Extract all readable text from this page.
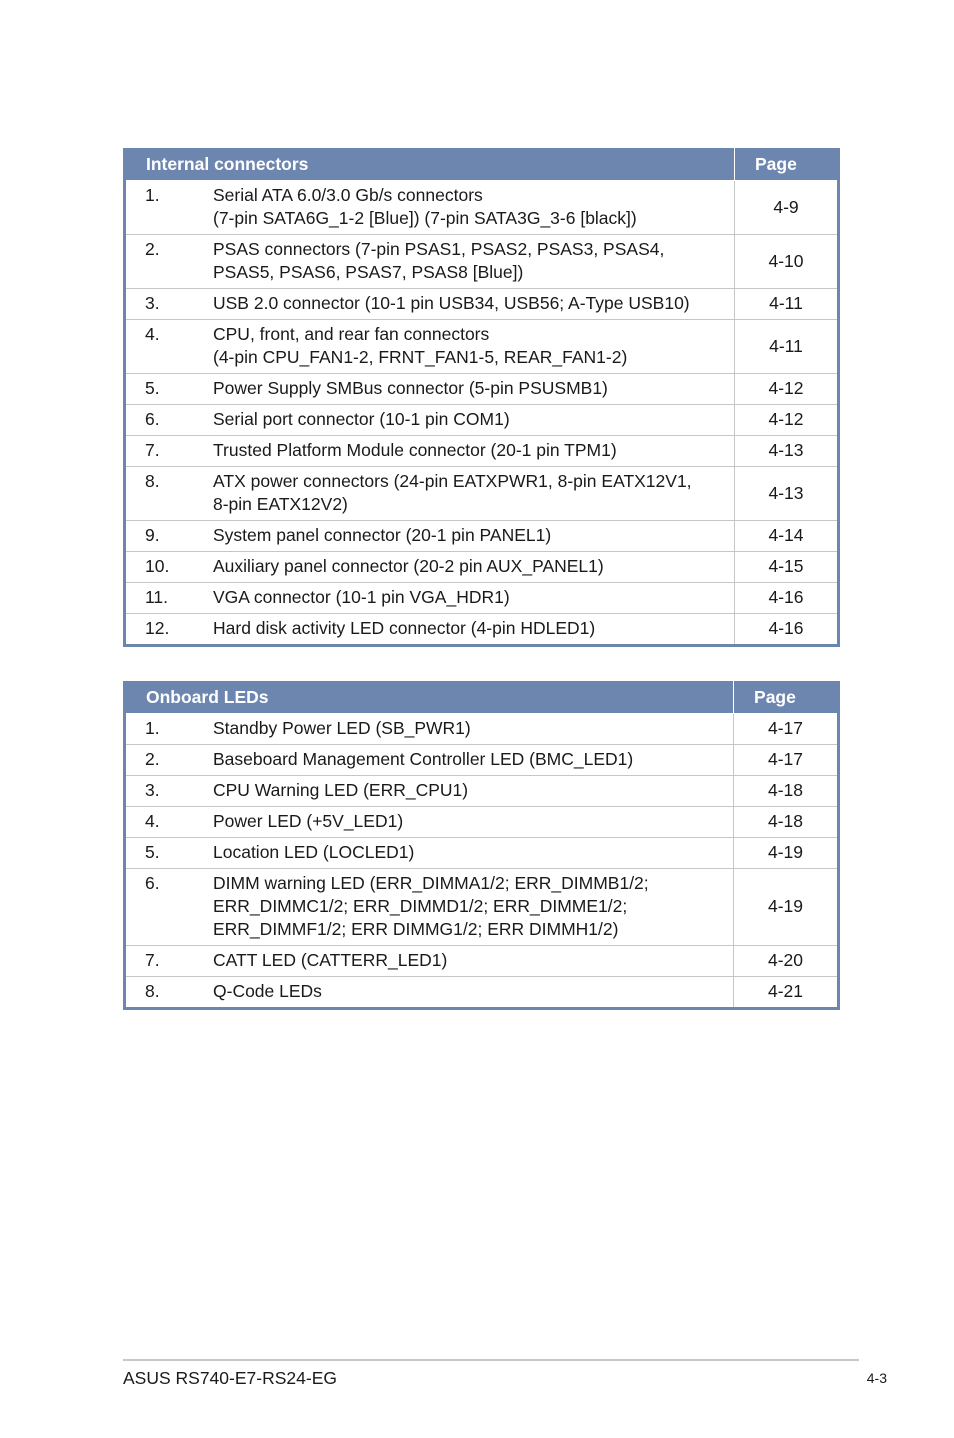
Internal connectors		Page
1.	Serial ATA 6.0/3.0 Gb/s connectors
(7-pin SATA6G_1-2 [Blue]) (7-pin SATA3G_3-6 [black])	4-9
2.	PSAS connectors (7-pin PSAS1, PSAS2, PSAS3, PSAS4,
PSAS5, PSAS6, PSAS7, PSAS8 [Blue])	4-10
3.	USB 2.0 connector (10-1 pin USB34, USB56; A-Type USB10)	4-11
4.	CPU, front, and rear fan connectors
(4-pin CPU_FAN1-2, FRNT_FAN1-5, REAR_FAN1-2)	4-11
5.	Power Supply SMBus connector (5-pin PSUSMB1)	4-12
6.	Serial port connector (10-1 pin COM1)	4-12
7.	Trusted Platform Module connector (20-1 pin TPM1)	4-13
8.	ATX power connectors (24-pin EATXPWR1, 8-pin EATX12V1,
8-pin EATX12V2)	4-13
9.	System panel connector (20-1 pin PANEL1)	4-14
10.	Auxiliary panel connector (20-2 pin AUX_PANEL1)	4-15
11.	VGA connector (10-1 pin VGA_HDR1)	4-16
12.	Hard disk activity LED connector (4-pin HDLED1)	4-16
Onboard LEDs		Page
1.	Standby Power LED (SB_PWR1)	4-17
2.	Baseboard Management Controller LED (BMC_LED1)	4-17
3.	CPU Warning LED (ERR_CPU1)	4-18
4.	Power LED (+5V_LED1)	4-18
5.	Location LED (LOCLED1)	4-19
6.	DIMM warning LED (ERR_DIMMA1/2; ERR_DIMMB1/2;
ERR_DIMMC1/2; ERR_DIMMD1/2; ERR_DIMME1/2;
ERR_DIMMF1/2; ERR DIMMG1/2; ERR DIMMH1/2)	4-19
7.	CATT LED (CATTERR_LED1)	4-20
8.	Q-Code LEDs	4-21
ASUS RS740-E7-RS24-EG	4-3
